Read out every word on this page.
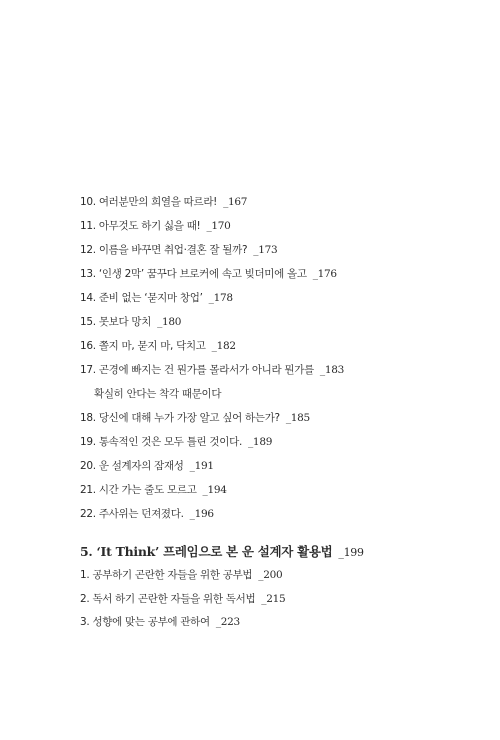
10. 여러분만의 희열을 따르라! _167
11. 아무것도 하기 싫을 때! _170
12. 이름을 바꾸면 취업·결혼 잘 될까? _173
13. ‘인생 2막’ 꿈꾸다 브로커에 속고 빚더미에 올고 _176
14. 준비 없는 ‘묻지마 창업’ _178
15. 못보다 망치 _180
16. 쫄지 마, 묻지 마, 닥치고 _182
17. 곤경에 빠지는 건 뭔가를 몰라서가 아니라 뭔가를 _183
확실히 안다는 착각 때문이다
18. 당신에 대해 누가 가장 알고 싶어 하는가? _185
19. 통속적인 것은 모두 틀린 것이다. _189
20. 운 설계자의 잠재성 _191
21. 시간 가는 줄도 모르고 _194
22. 주사위는 던져졌다. _196
5. ‘It Think’ 프레임으로 본 운 설계자 활용법 _199
1. 공부하기 곤란한 자들을 위한 공부법 _200
2. 독서 하기 곤란한 자들을 위한 독서법 _215
3. 성향에 맞는 공부에 관하여 _223
